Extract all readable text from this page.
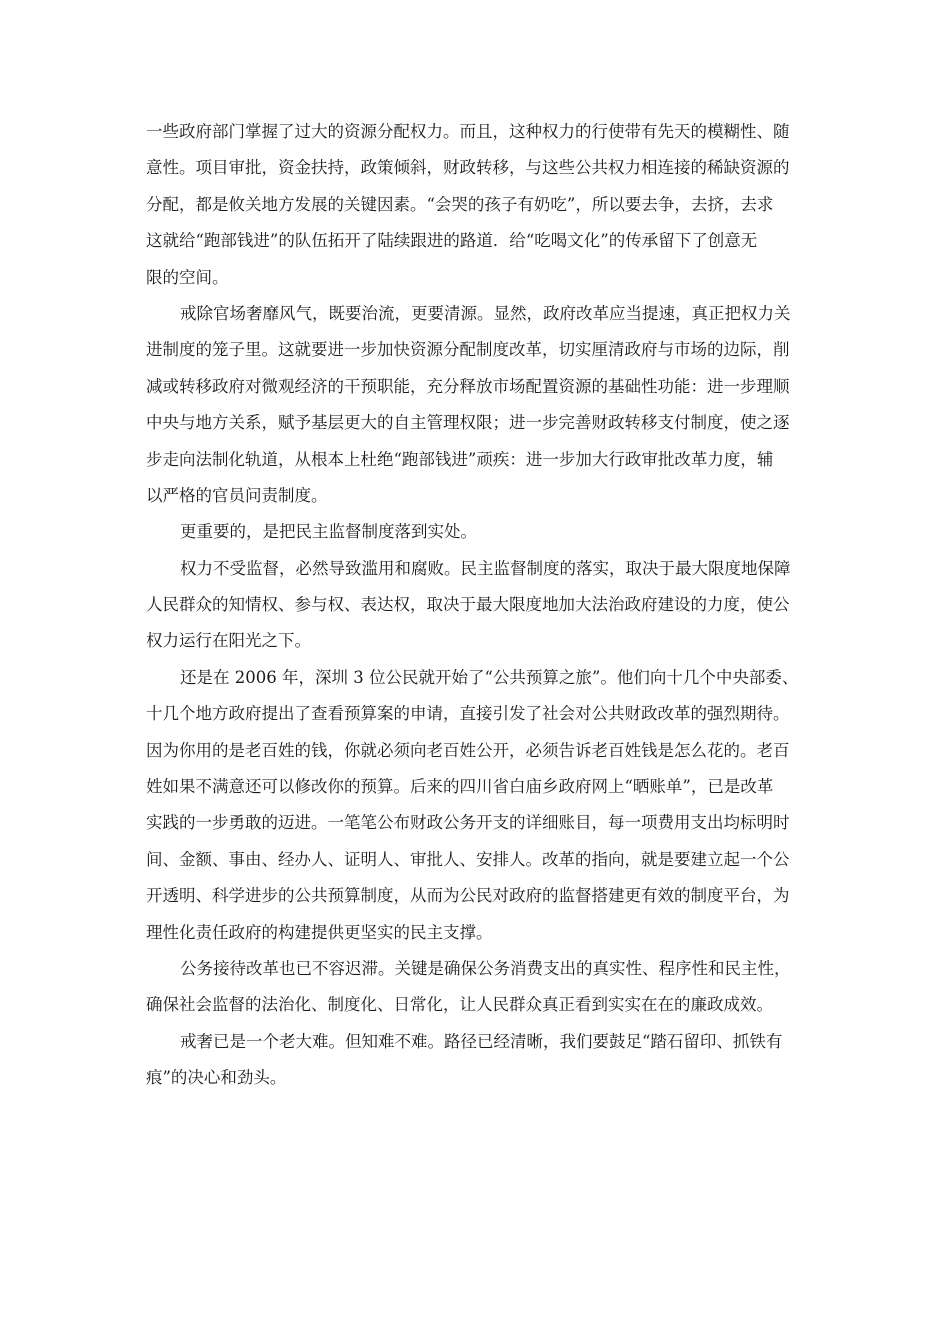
一些政府部门掌握了过大的资源分配权力。而且，这种权力的行使带有先天的模糊性、随
意性。项目审批，资金扶持，政策倾斜，财政转移，与这些公共权力相连接的稀缺资源的
分配，都是攸关地方发展的关键因素。“会哭的孩子有奶吃”，所以要去争，去挤，去求
这就给“跑部钱进”的队伍拓开了陆续跟进的路道．给“吃喝文化”的传承留下了创意无
限的空间。
戒除官场奢靡风气，既要治流，更要清源。显然，政府改革应当提速，真正把权力关
进制度的笼子里。这就要进一步加快资源分配制度改革，切实厘清政府与市场的边际，削
减或转移政府对微观经济的干预职能，充分释放市场配置资源的基础性功能：进一步理顺
中央与地方关系，赋予基层更大的自主管理权限；进一步完善财政转移支付制度，使之逐
步走向法制化轨道，从根本上杜绝“跑部钱进”顽疾：进一步加大行政审批改革力度，辅
以严格的官员问责制度。
更重要的，是把民主监督制度落到实处。
权力不受监督，必然导致滥用和腐败。民主监督制度的落实，取决于最大限度地保障
人民群众的知情权、参与权、表达权，取决于最大限度地加大法治政府建设的力度，使公
权力运行在阳光之下。
还是在 2006 年，深圳 3 位公民就开始了“公共预算之旅”。他们向十几个中央部委、
十几个地方政府提出了查看预算案的申请，直接引发了社会对公共财政改革的强烈期待。
因为你用的是老百姓的钱，你就必须向老百姓公开，必须告诉老百姓钱是怎么花的。老百
姓如果不满意还可以修改你的预算。后来的四川省白庙乡政府网上“晒账单”，已是改革
实践的一步勇敢的迈进。一笔笔公布财政公务开支的详细账目，每一项费用支出均标明时
间、金额、事由、经办人、证明人、审批人、安排人。改革的指向，就是要建立起一个公
开透明、科学进步的公共预算制度，从而为公民对政府的监督搭建更有效的制度平台，为
理性化责任政府的构建提供更坚实的民主支撑。
公务接待改革也已不容迟滞。关键是确保公务消费支出的真实性、程序性和民主性，
确保社会监督的法治化、制度化、日常化，让人民群众真正看到实实在在的廉政成效。
戒奢已是一个老大难。但知难不难。路径已经清晰，我们要鼓足“踏石留印、抓铁有
痕”的决心和劲头。
